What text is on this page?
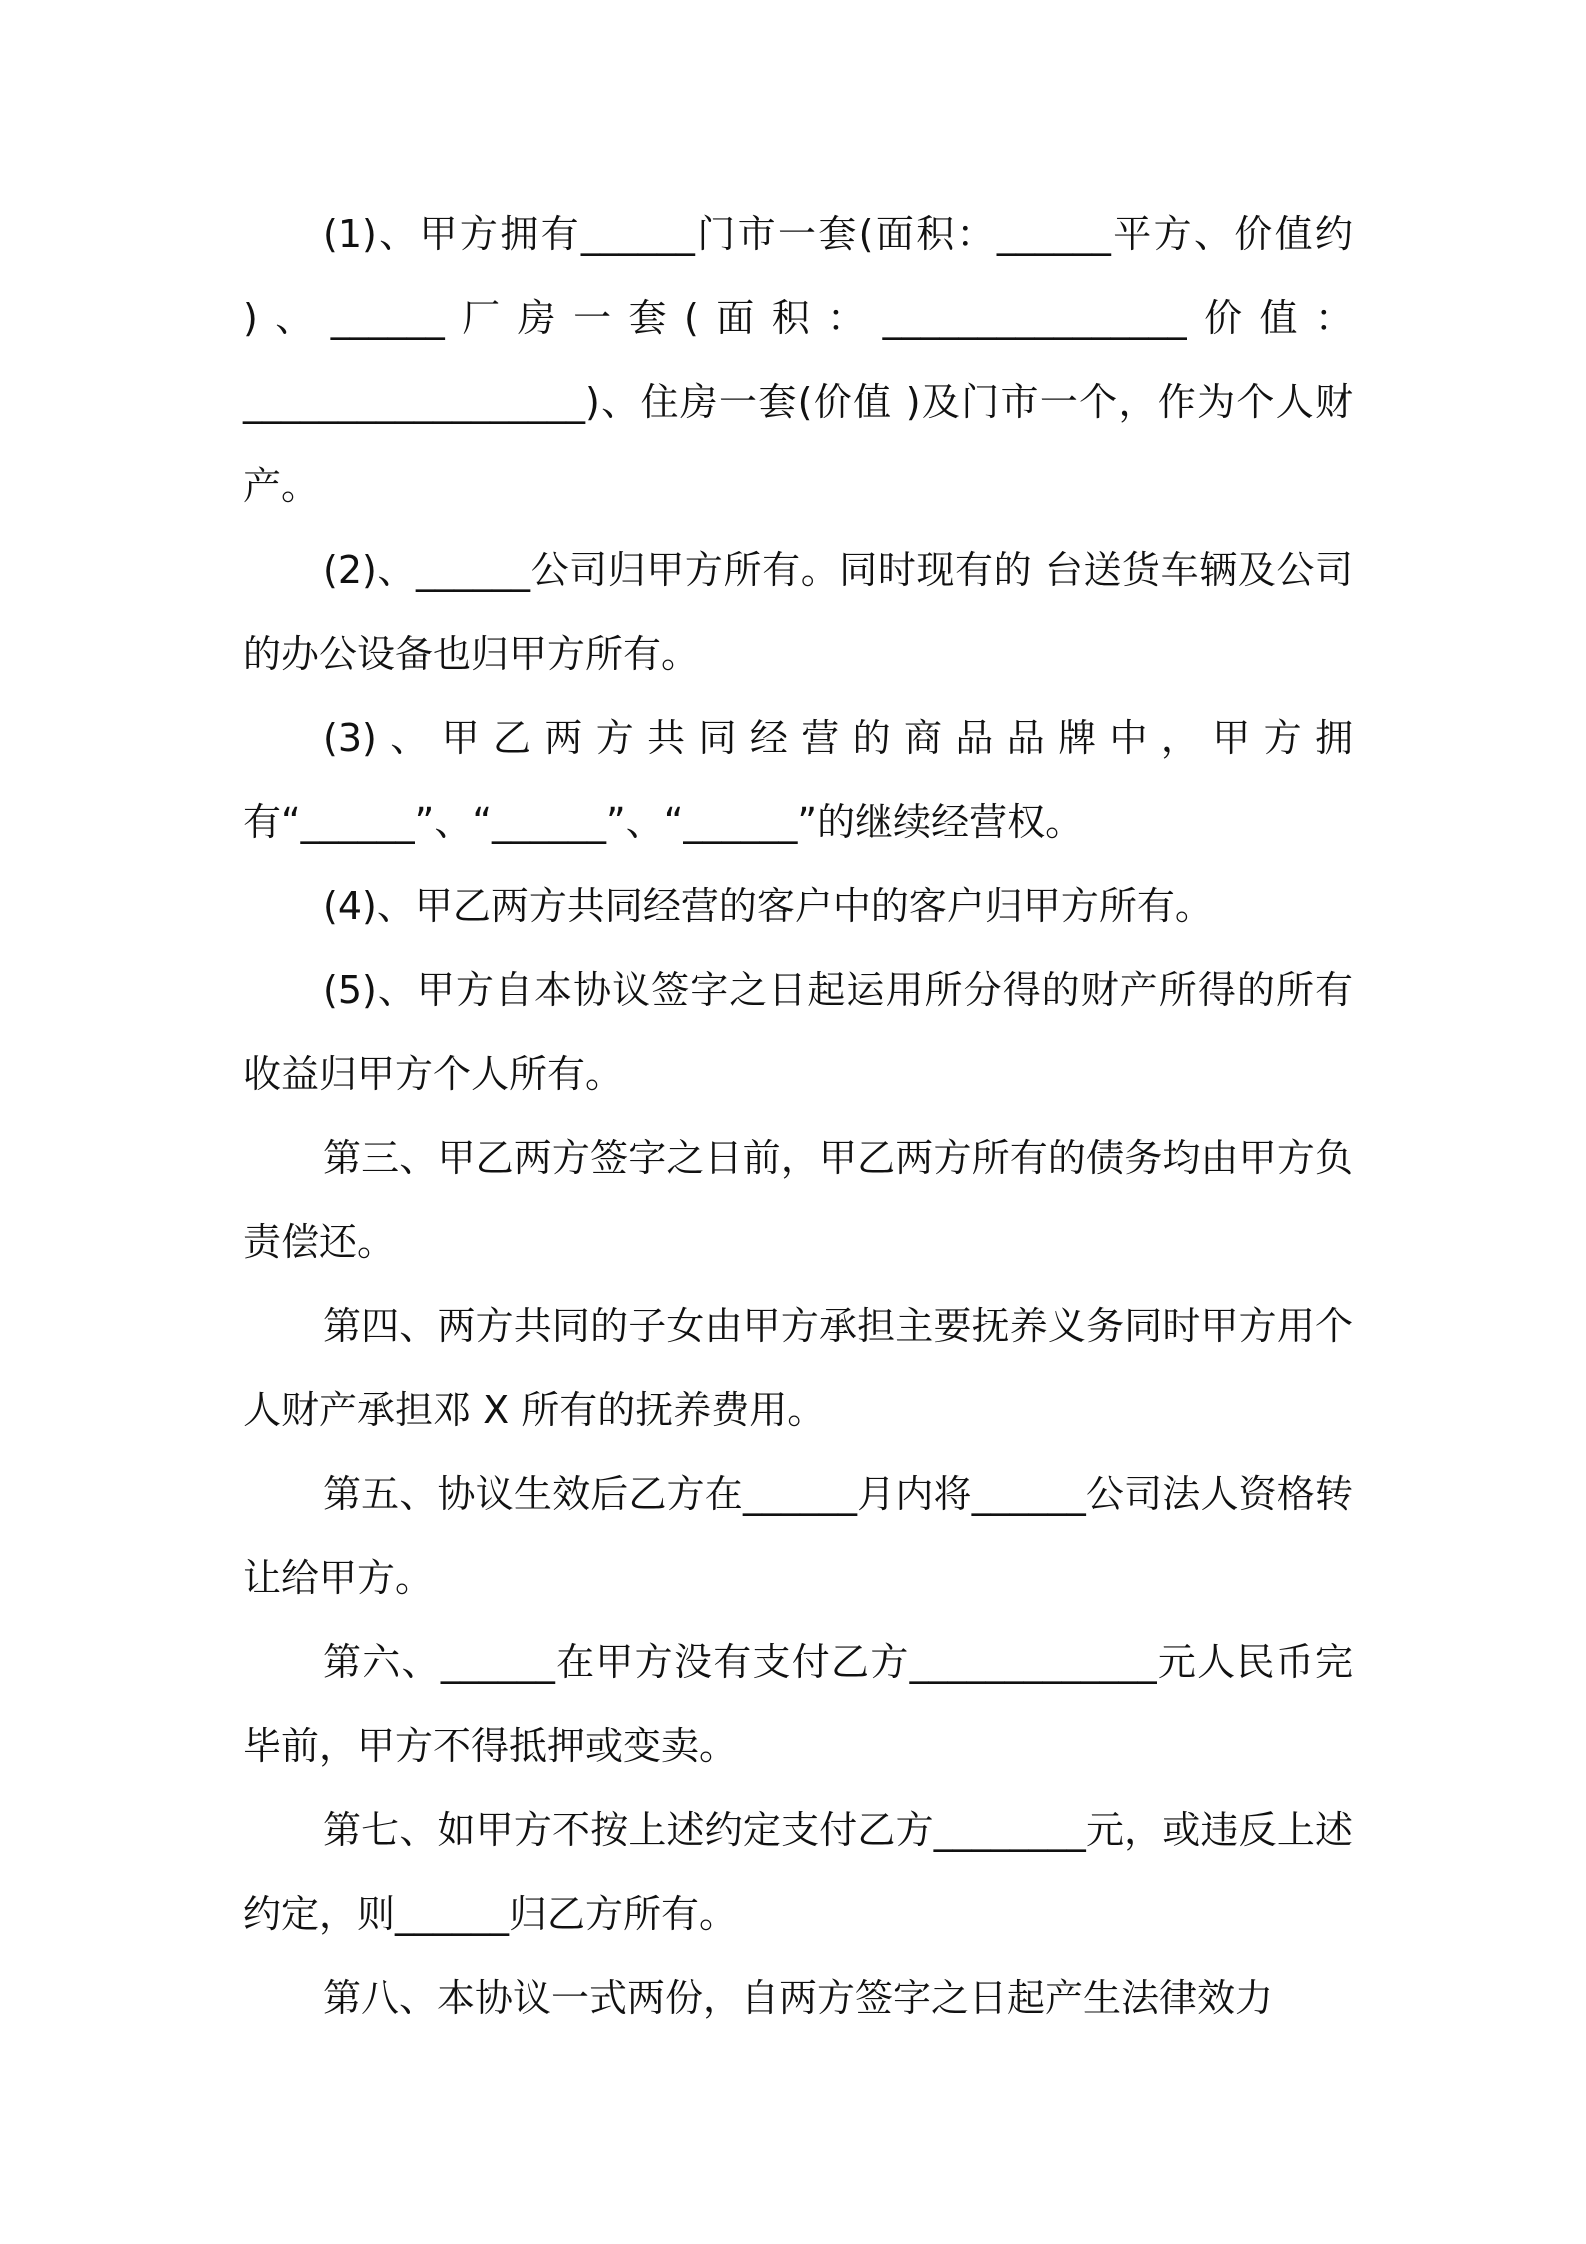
(1)、甲方拥有______门市一套(面积：______平方、价值约 )、______厂房一套(面积：________________价值：__________________)、住房一套(价值 )及门市一个，作为个人财产。

(2)、______公司归甲方所有。同时现有的 台送货车辆及公司的办公设备也归甲方所有。

(3)、甲乙两方共同经营的商品品牌中，甲方拥有“______”、“______”、“______”的继续经营权。

(4)、甲乙两方共同经营的客户中的客户归甲方所有。

(5)、甲方自本协议签字之日起运用所分得的财产所得的所有收益归甲方个人所有。

第三、甲乙两方签字之日前，甲乙两方所有的债务均由甲方负责偿还。

第四、两方共同的子女由甲方承担主要抚养义务同时甲方用个人财产承担邓 X 所有的抚养费用。

第五、协议生效后乙方在______月内将______公司法人资格转让给甲方。

第六、______在甲方没有支付乙方_____________元人民币完毕前，甲方不得抵押或变卖。

第七、如甲方不按上述约定支付乙方________元，或违反上述约定，则______归乙方所有。

第八、本协议一式两份，自两方签字之日起产生法律效力
